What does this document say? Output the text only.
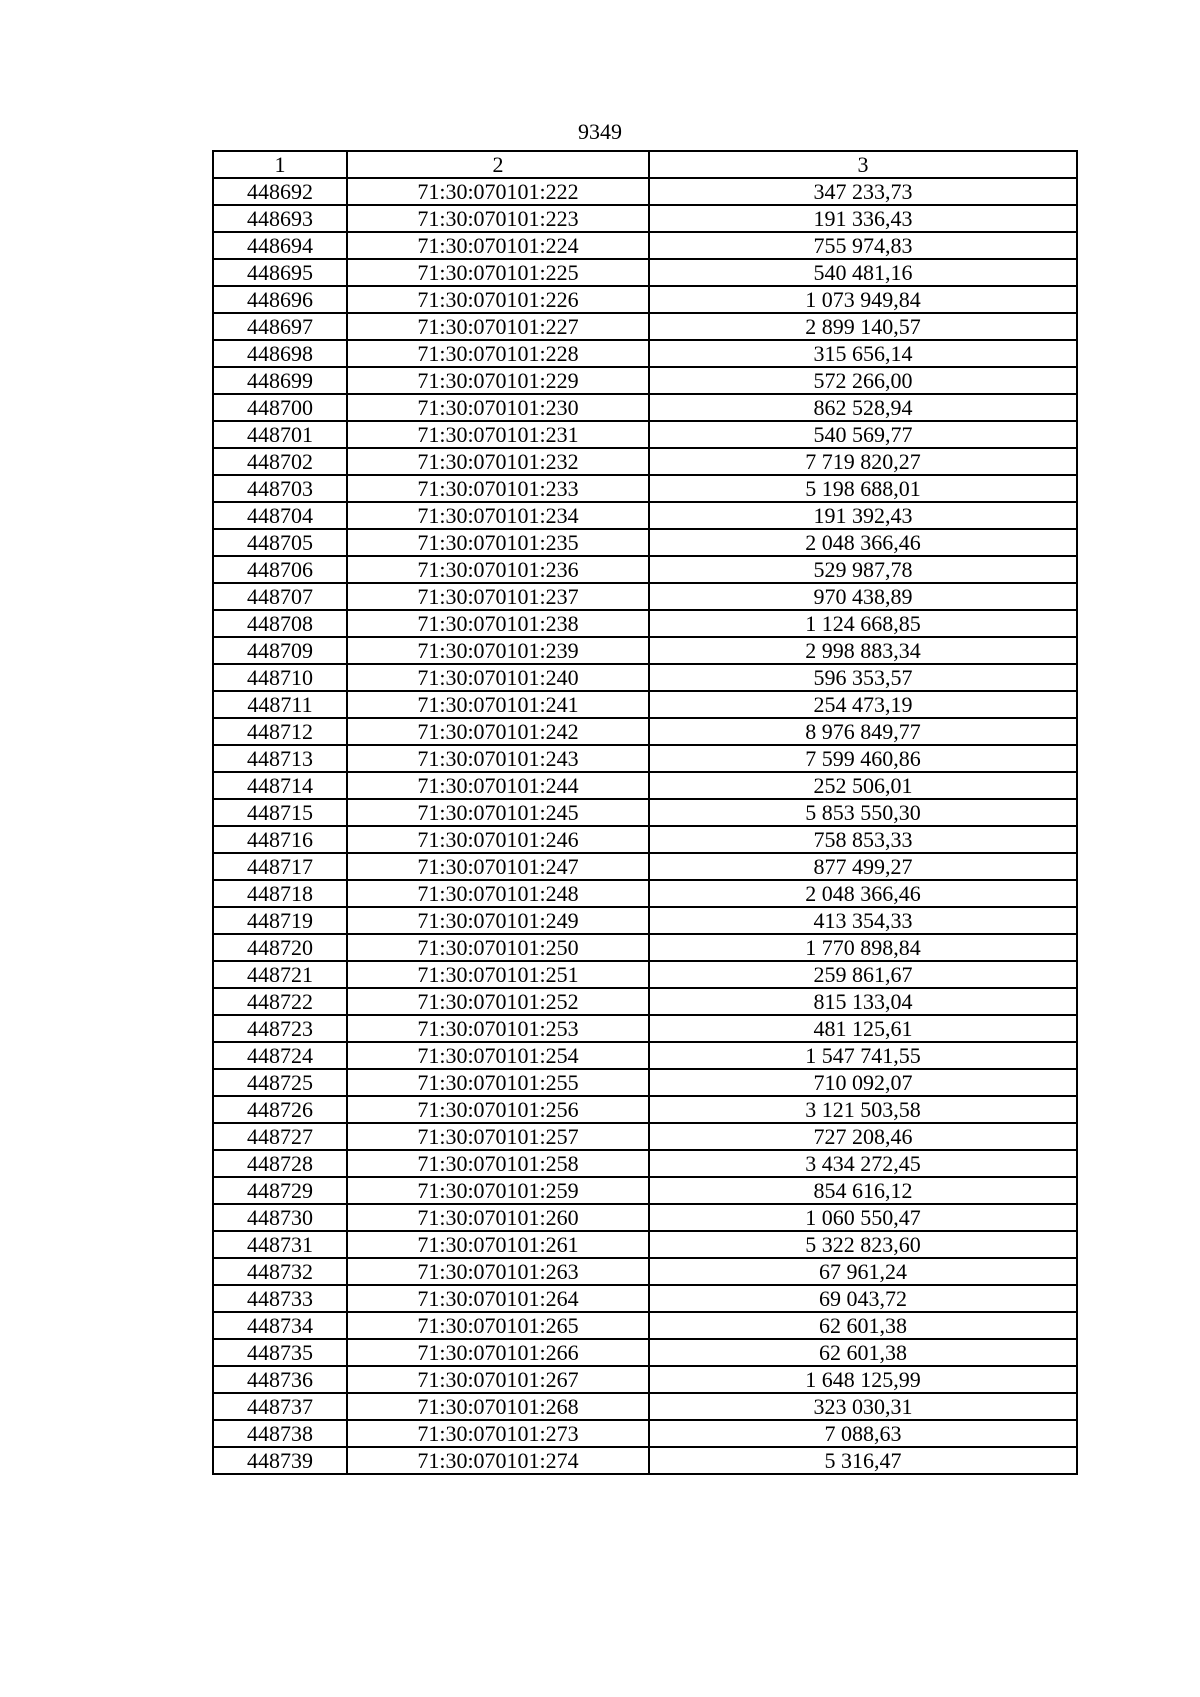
9349
1	2	3
448692	71:30:070101:222	347 233,73
448693	71:30:070101:223	191 336,43
448694	71:30:070101:224	755 974,83
448695	71:30:070101:225	540 481,16
448696	71:30:070101:226	1 073 949,84
448697	71:30:070101:227	2 899 140,57
448698	71:30:070101:228	315 656,14
448699	71:30:070101:229	572 266,00
448700	71:30:070101:230	862 528,94
448701	71:30:070101:231	540 569,77
448702	71:30:070101:232	7 719 820,27
448703	71:30:070101:233	5 198 688,01
448704	71:30:070101:234	191 392,43
448705	71:30:070101:235	2 048 366,46
448706	71:30:070101:236	529 987,78
448707	71:30:070101:237	970 438,89
448708	71:30:070101:238	1 124 668,85
448709	71:30:070101:239	2 998 883,34
448710	71:30:070101:240	596 353,57
448711	71:30:070101:241	254 473,19
448712	71:30:070101:242	8 976 849,77
448713	71:30:070101:243	7 599 460,86
448714	71:30:070101:244	252 506,01
448715	71:30:070101:245	5 853 550,30
448716	71:30:070101:246	758 853,33
448717	71:30:070101:247	877 499,27
448718	71:30:070101:248	2 048 366,46
448719	71:30:070101:249	413 354,33
448720	71:30:070101:250	1 770 898,84
448721	71:30:070101:251	259 861,67
448722	71:30:070101:252	815 133,04
448723	71:30:070101:253	481 125,61
448724	71:30:070101:254	1 547 741,55
448725	71:30:070101:255	710 092,07
448726	71:30:070101:256	3 121 503,58
448727	71:30:070101:257	727 208,46
448728	71:30:070101:258	3 434 272,45
448729	71:30:070101:259	854 616,12
448730	71:30:070101:260	1 060 550,47
448731	71:30:070101:261	5 322 823,60
448732	71:30:070101:263	67 961,24
448733	71:30:070101:264	69 043,72
448734	71:30:070101:265	62 601,38
448735	71:30:070101:266	62 601,38
448736	71:30:070101:267	1 648 125,99
448737	71:30:070101:268	323 030,31
448738	71:30:070101:273	7 088,63
448739	71:30:070101:274	5 316,47
